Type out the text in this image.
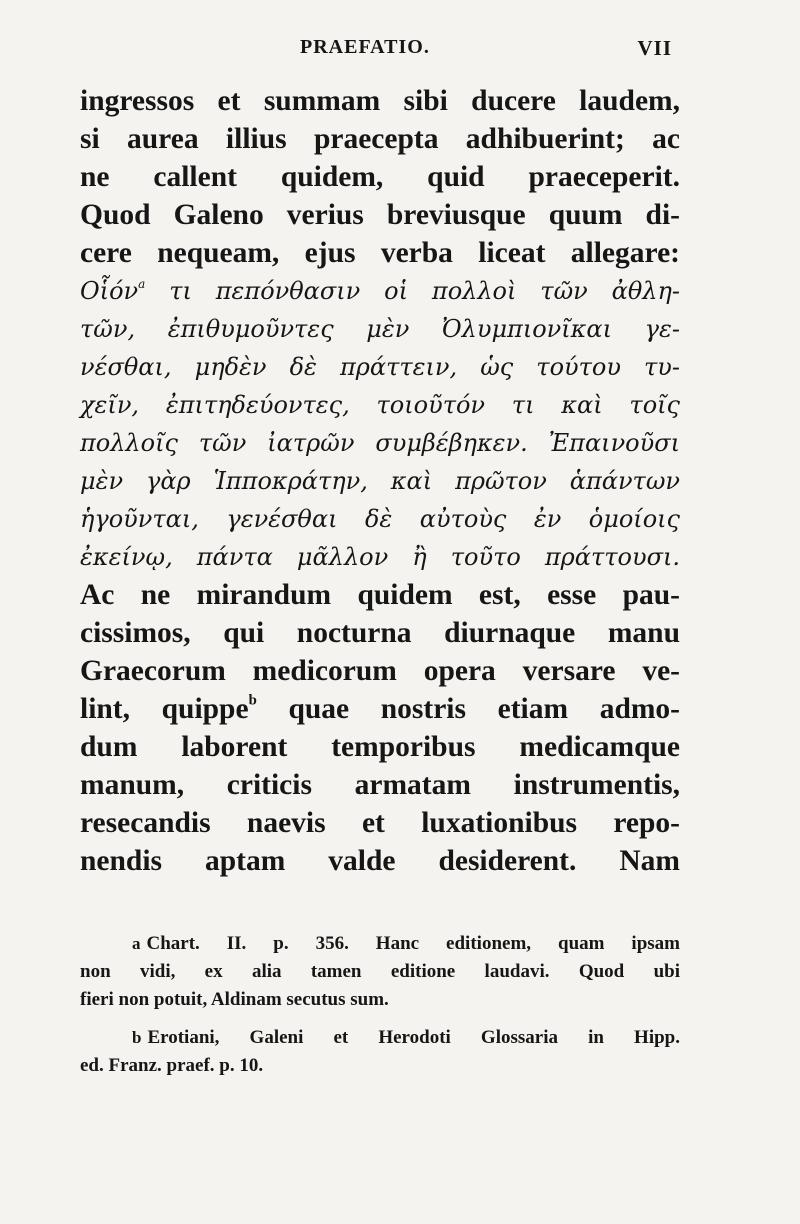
PRAEFATIO.	VII
ingressos et summam sibi ducere laudem,
si aurea illius praecepta adhibuerint; ac
ne callent quidem, quid praeceperit.
Quod Galeno verius breviusque quum di-
cere nequeam, ejus verba liceat allegare:
Οἷόν$^a$ τι πεπόνθασιν οἱ πολλοὶ τῶν ἀθλη-
τῶν, ἐπιθυμοῦντες μὲν Ὀλυμπιονῖκαι γε-
νέσθαι, μηδὲν δὲ πράττειν, ὡς τούτου τυ-
χεῖν, ἐπιτηδεύοντες, τοιοῦτόν τι καὶ τοῖς
πολλοῖς τῶν ἰατρῶν συμβέβηκεν. Ἐπαινοῦσι
μὲν γὰρ Ἱπποκράτην, καὶ πρῶτον ἁπάντων
ἡγοῦνται, γενέσθαι δὲ αὐτοὺς ἐν ὁμοίοις
ἐκείνῳ, πάντα μᾶλλον ἢ τοῦτο πράττουσι.
Ac ne mirandum quidem est, esse pau-
cissimos, qui nocturna diurnaque manu
Graecorum medicorum opera versare ve-
lint, quippe$^b$ quae nostris etiam admo-
dum laborent temporibus medicamque
manum, criticis armatam instrumentis,
resecandis naevis et luxationibus repo-
nendis aptam valde desiderent. Nam
a Chart. II. p. 356. Hanc editionem, quam ipsam
non vidi, ex alia tamen editione laudavi. Quod ubi
fieri non potuit, Aldinam secutus sum.
b Erotiani, Galeni et Herodoti Glossaria in Hipp.
ed. Franz. praef. p. 10.
